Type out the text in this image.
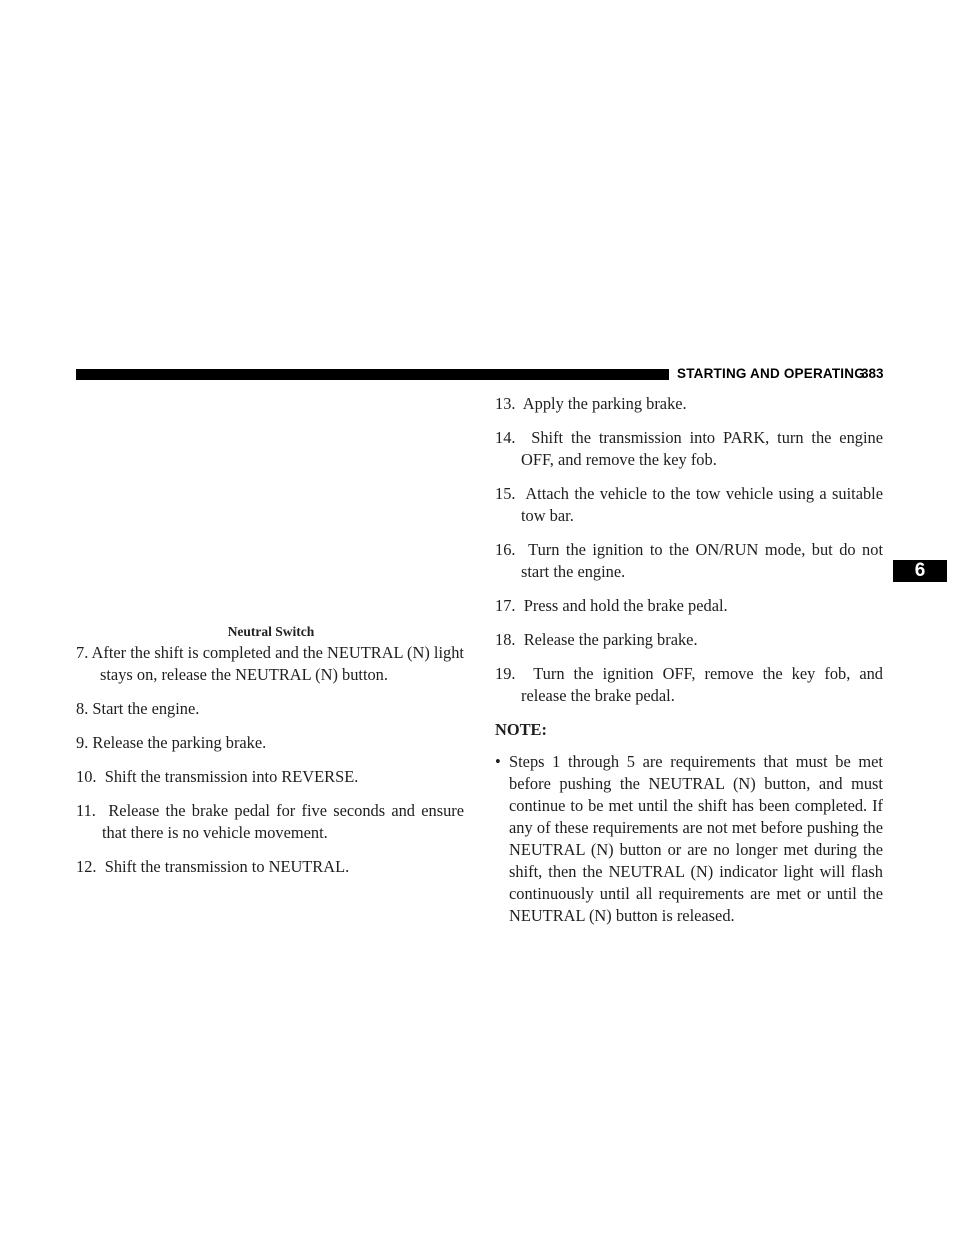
STARTING AND OPERATING
383
6
Neutral Switch
7. After the shift is completed and the NEUTRAL (N) light stays on, release the NEUTRAL (N) button.
8. Start the engine.
9. Release the parking brake.
10. Shift the transmission into REVERSE.
11. Release the brake pedal for five seconds and ensure that there is no vehicle movement.
12. Shift the transmission to NEUTRAL.
13. Apply the parking brake.
14. Shift the transmission into PARK, turn the engine OFF, and remove the key fob.
15. Attach the vehicle to the tow vehicle using a suitable tow bar.
16. Turn the ignition to the ON/RUN mode, but do not start the engine.
17. Press and hold the brake pedal.
18. Release the parking brake.
19. Turn the ignition OFF, remove the key fob, and release the brake pedal.
NOTE:
• Steps 1 through 5 are requirements that must be met before pushing the NEUTRAL (N) button, and must continue to be met until the shift has been completed. If any of these requirements are not met before pushing the NEUTRAL (N) button or are no longer met during the shift, then the NEUTRAL (N) indicator light will flash continuously until all requirements are met or until the NEUTRAL (N) button is released.
